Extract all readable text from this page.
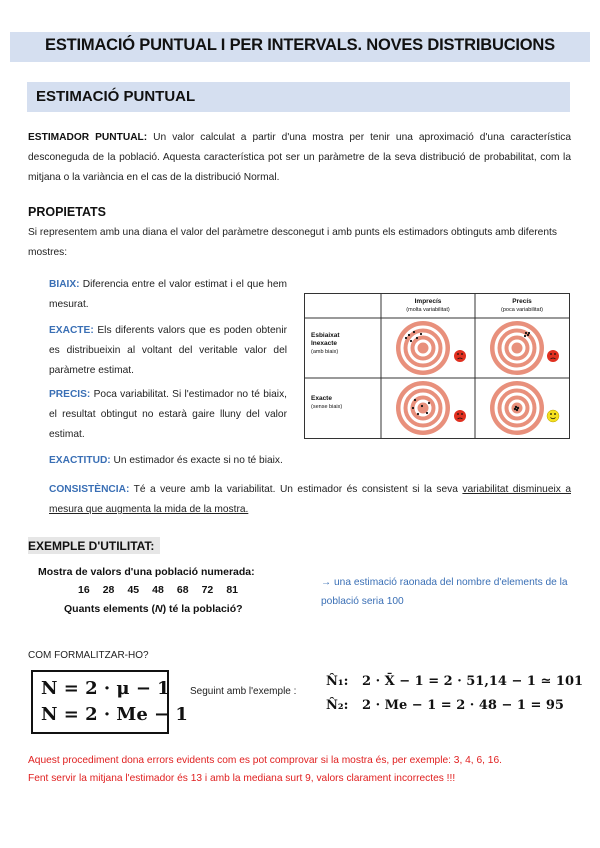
ESTIMACIÓ PUNTUAL I PER INTERVALS. NOVES DISTRIBUCIONS
ESTIMACIÓ PUNTUAL
ESTIMADOR PUNTUAL: Un valor calculat a partir d'una mostra per tenir una aproximació d'una característica desconeguda de la població. Aquesta característica pot ser un paràmetre de la seva distribució de probabilitat, com la mitjana o la variància en el cas de la distribució Normal.
PROPIETATS
Si representem amb una diana el valor del paràmetre desconegut i amb punts els estimadors obtinguts amb diferents mostres:
BIAIX: Diferencia entre el valor estimat i el que hem mesurat.
EXACTE: Els diferents valors que es poden obtenir es distribueixin al voltant del veritable valor del paràmetre estimat.
PRECIS: Poca variabilitat. Si l'estimador no té biaix, el resultat obtingut no estarà gaire lluny del valor estimat.
EXACTITUD: Un estimador és exacte si no té biaix.
CONSISTÈNCIA: Té a veure amb la variabilitat. Un estimador és consistent si la seva variabilitat disminueix a mesura que augmenta la mida de la mostra.
Imprecís
(molta variabilitat)
Precís
(poca variabilitat)
Esbiaixat
Inexacte
(amb biaix)
Exacte
(sense biaix)
EXEMPLE D'UTILITAT:
Mostra de valors d'una població numerada:
16 28 45 48 68 72 81
Quants elements (N) té la població?
→ una estimació raonada del nombre d'elements de la població seria 100
COM FORMALITZAR-HO?
N = 2 · μ − 1
N = 2 · Me − 1
Seguint amb l'exemple :
N̂₁: 2 · X̄ − 1 = 2 · 51,14 − 1 ≃ 101
N̂₂: 2 · Me − 1 = 2 · 48 − 1 = 95
Aquest procediment dona errors evidents com es pot comprovar si la mostra és, per exemple: 3, 4, 6, 16.
Fent servir la mitjana l'estimador és 13 i amb la mediana surt 9, valors clarament incorrectes !!!
